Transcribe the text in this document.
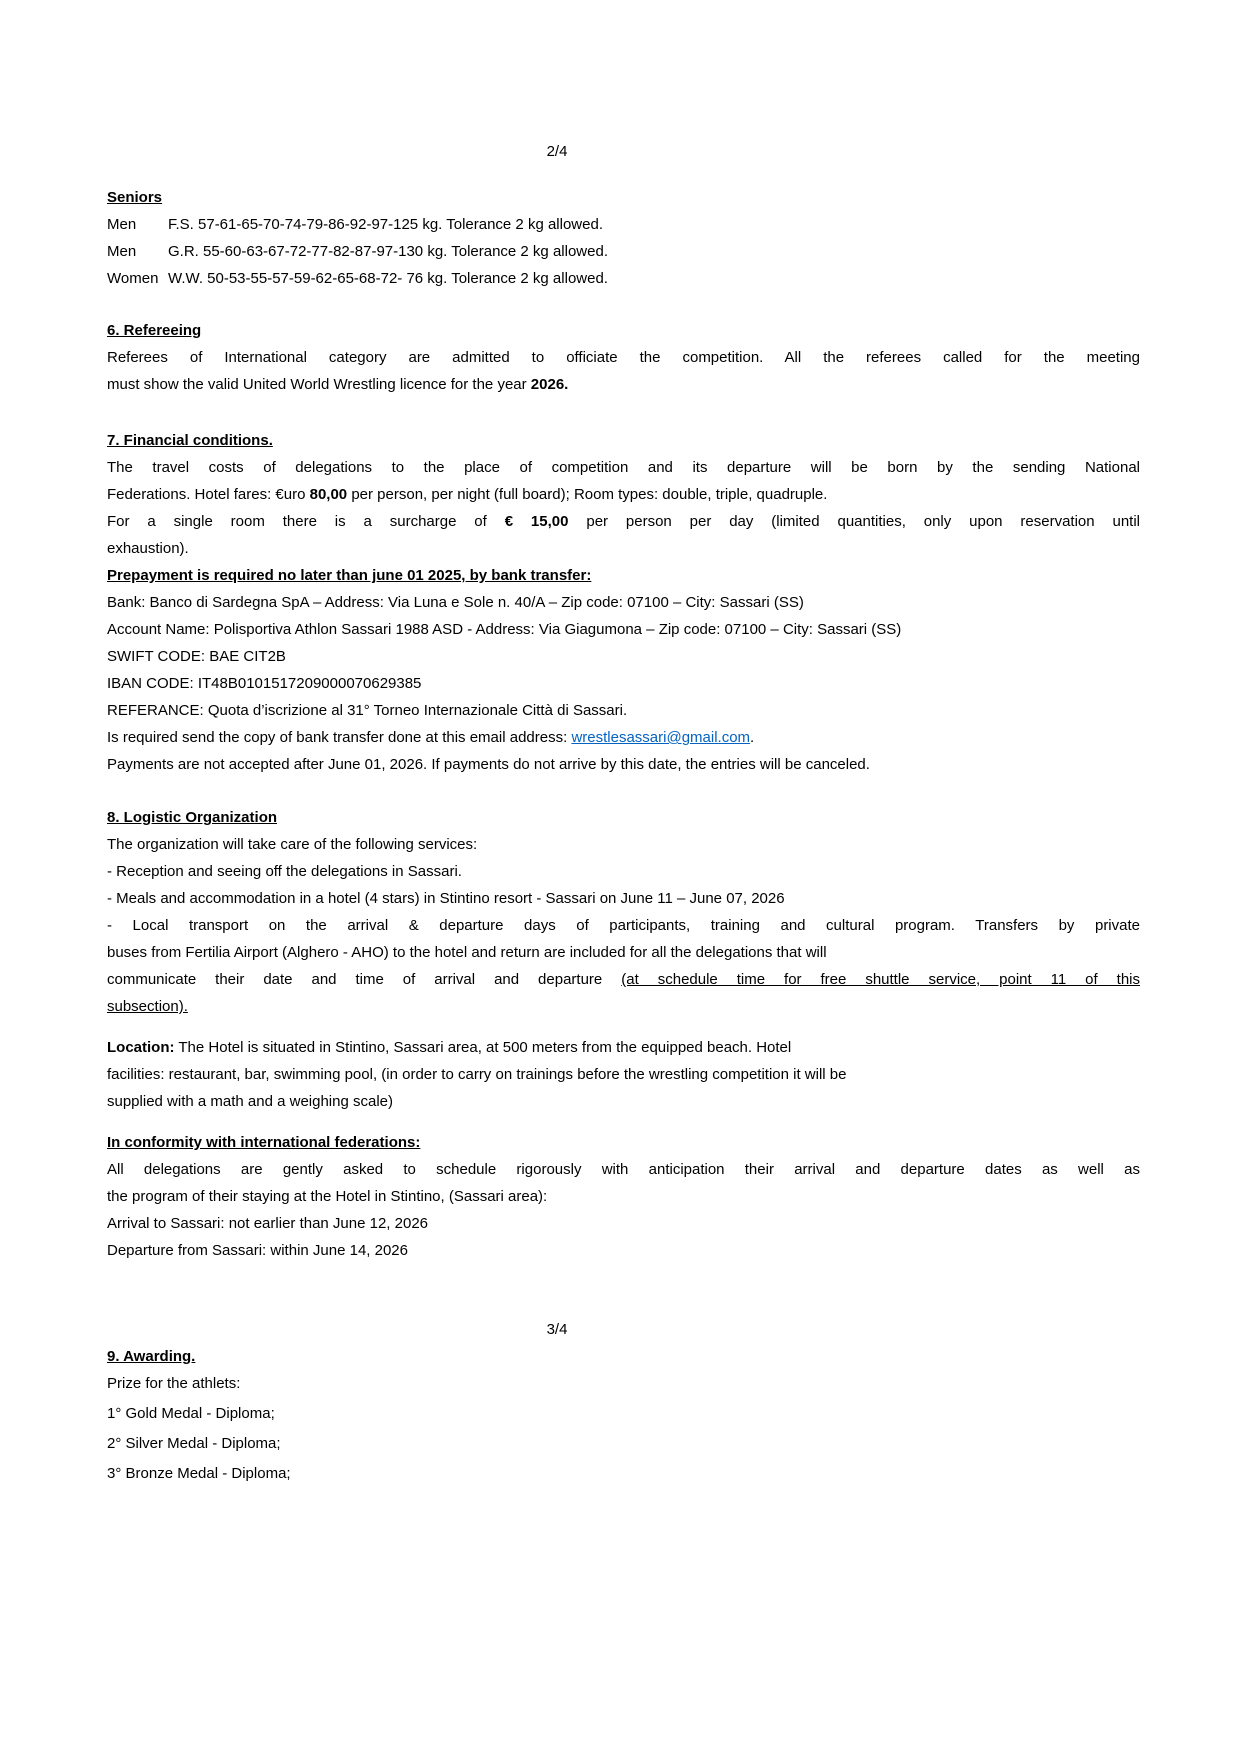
2/4
Seniors
Men F.S. 57-61-65-70-74-79-86-92-97-125 kg. Tolerance 2 kg allowed.
Men G.R. 55-60-63-67-72-77-82-87-97-130 kg. Tolerance 2 kg allowed.
Women W.W. 50-53-55-57-59-62-65-68-72- 76 kg. Tolerance 2 kg allowed.
6. Refereeing
Referees of International category are admitted to officiate the competition. All the referees called for the meeting
must show the valid United World Wrestling licence for the year 2026.
7. Financial conditions.
The travel costs of delegations to the place of competition and its departure will be born by the sending National
Federations. Hotel fares: €uro 80,00 per person, per night (full board); Room types: double, triple, quadruple.
For a single room there is a surcharge of € 15,00 per person per day (limited quantities, only upon reservation until
exhaustion).
Prepayment is required no later than june 01 2025, by bank transfer:
Bank: Banco di Sardegna SpA – Address: Via Luna e Sole n. 40/A – Zip code: 07100 – City: Sassari (SS)
Account Name: Polisportiva Athlon Sassari 1988 ASD - Address: Via Giagumona – Zip code: 07100 – City: Sassari (SS)
SWIFT CODE: BAE CIT2B
IBAN CODE: IT48B0101517209000070629385
REFERANCE: Quota d’iscrizione al 31° Torneo Internazionale Città di Sassari.
Is required send the copy of bank transfer done at this email address: wrestlesassari@gmail.com.
Payments are not accepted after June 01, 2026. If payments do not arrive by this date, the entries will be canceled.
8. Logistic Organization
The organization will take care of the following services:
- Reception and seeing off the delegations in Sassari.
- Meals and accommodation in a hotel (4 stars) in Stintino resort - Sassari on June 11 – June 07, 2026
- Local transport on the arrival & departure days of participants, training and cultural program. Transfers by private
buses from Fertilia Airport (Alghero - AHO) to the hotel and return are included for all the delegations that will
communicate their date and time of arrival and departure (at schedule time for free shuttle service, point 11 of this
subsection).
Location: The Hotel is situated in Stintino, Sassari area, at 500 meters from the equipped beach. Hotel
facilities: restaurant, bar, swimming pool, (in order to carry on trainings before the wrestling competition it will be
supplied with a math and a weighing scale)
In conformity with international federations:
All delegations are gently asked to schedule rigorously with anticipation their arrival and departure dates as well as
the program of their staying at the Hotel in Stintino, (Sassari area):
Arrival to Sassari: not earlier than June 12, 2026
Departure from Sassari: within June 14, 2026
3/4
9. Awarding.
Prize for the athlets:
1° Gold Medal - Diploma;
2° Silver Medal - Diploma;
3° Bronze Medal - Diploma;
